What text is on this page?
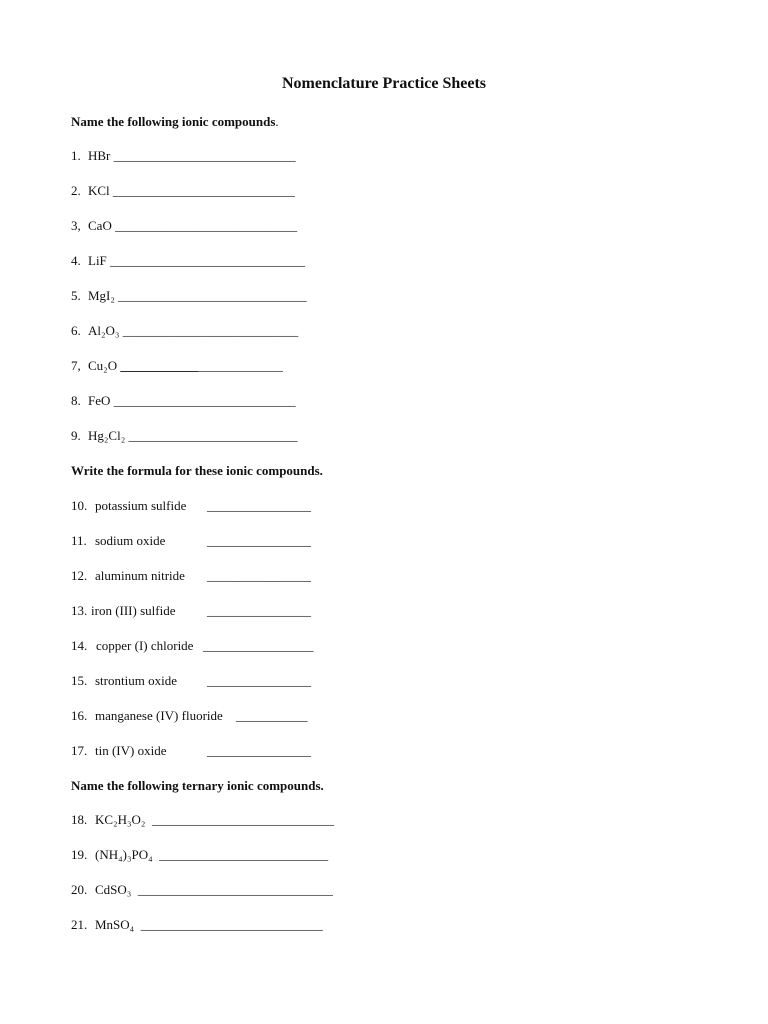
Nomenclature Practice Sheets
Name the following ionic compounds.
1. HBr ____________________________
2. KCl ____________________________
3, CaO ____________________________
4. LiF ______________________________
5. MgI₂ _____________________________
6. Al₂O₃ ___________________________
7, Cu₂O _________________________
8. FeO ____________________________
9. Hg₂Cl₂ __________________________
Write the formula for these ionic compounds.
10. potassium sulfide ________________
11. sodium oxide	________________
12. aluminum nitride ________________
13. iron (III) sulfide ________________
14. copper (I) chloride _________________
15. strontium oxide ________________
16. manganese (IV) fluoride ___________
17. tin (IV) oxide	________________
Name the following ternary ionic compounds.
18. KC₂H₃O₂ ____________________________
19. (NH₄)₃PO₄ __________________________
20. CdSO₃ ______________________________
21. MnSO₄ ____________________________
